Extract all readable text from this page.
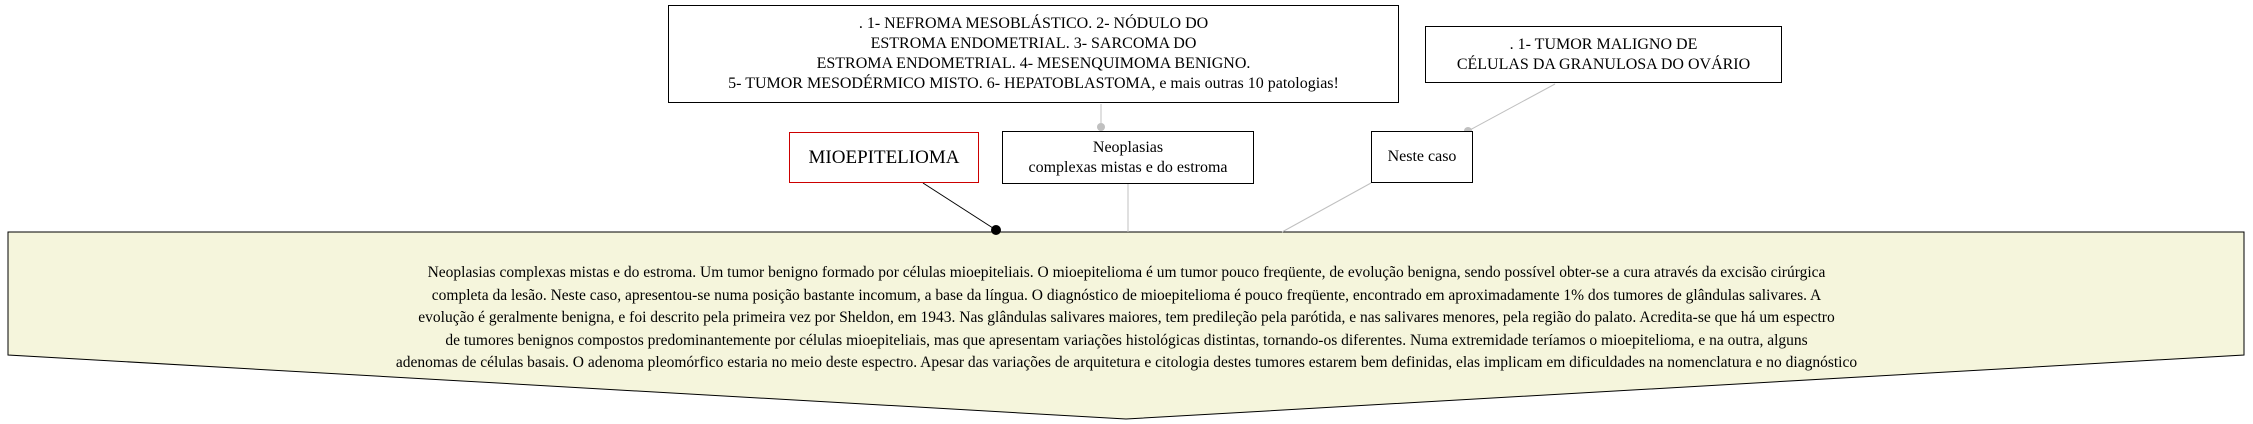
. 1- NEFROMA MESOBLÁSTICO. 2- NÓDULO DO
ESTROMA ENDOMETRIAL. 3- SARCOMA DO
ESTROMA ENDOMETRIAL. 4- MESENQUIMOMA BENIGNO.
5- TUMOR MESODÉRMICO MISTO. 6- HEPATOBLASTOMA, e mais outras 10 patologias!
. 1- TUMOR MALIGNO DE
CÉLULAS DA GRANULOSA DO OVÁRIO
MIOEPITELIOMA	Neoplasias
complexas mistas e do estroma
Neste caso
Neoplasias complexas mistas e do estroma. Um tumor benigno formado por células mioepiteliais. O mioepitelioma é um tumor pouco freqüente, de evolução benigna, sendo possível obter-se a cura através da excisão cirúrgica
completa da lesão. Neste caso, apresentou-se numa posição bastante incomum, a base da língua. O diagnóstico de mioepitelioma é pouco freqüente, encontrado em aproximadamente 1% dos tumores de glândulas salivares. A
evolução é geralmente benigna, e foi descrito pela primeira vez por Sheldon, em 1943. Nas glândulas salivares maiores, tem predileção pela parótida, e nas salivares menores, pela região do palato. Acredita-se que há um espectro
de tumores benignos compostos predominantemente por células mioepiteliais, mas que apresentam variações histológicas distintas, tornando-os diferentes. Numa extremidade teríamos o mioepitelioma, e na outra, alguns
adenomas de células basais. O adenoma pleomórfico estaria no meio deste espectro. Apesar das variações de arquitetura e citologia destes tumores estarem bem definidas, elas implicam em dificuldades na nomenclatura e no diagnóstico
